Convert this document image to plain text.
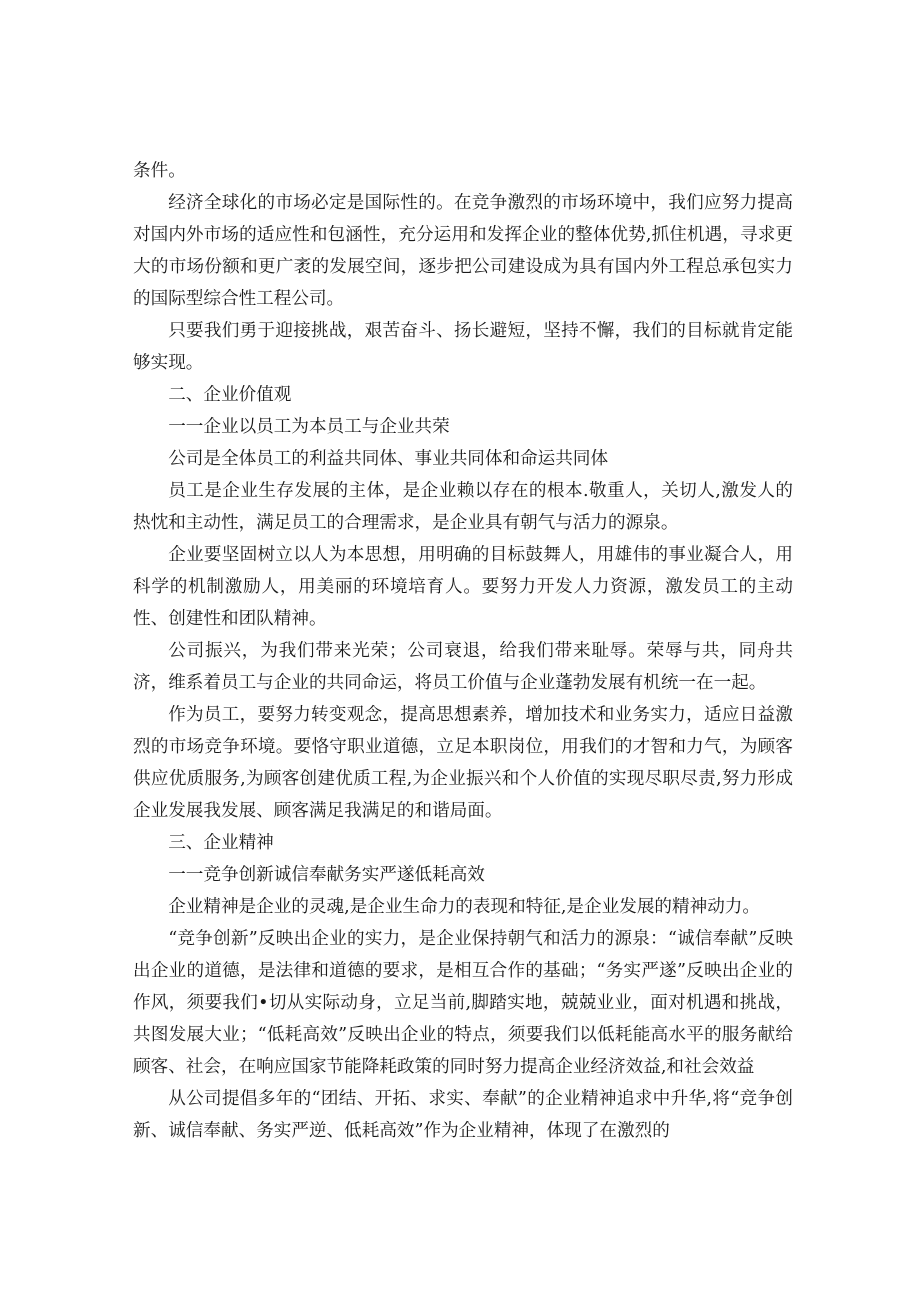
条件。

经济全球化的市场必定是国际性的。在竞争激烈的市场环境中，我们应努力提高对国内外市场的适应性和包涵性，充分运用和发挥企业的整体优势,抓住机遇，寻求更大的市场份额和更广袤的发展空间，逐步把公司建设成为具有国内外工程总承包实力的国际型综合性工程公司。

只要我们勇于迎接挑战，艰苦奋斗、扬长避短，坚持不懈，我们的目标就肯定能够实现。

二、企业价值观

一一企业以员工为本员工与企业共荣

公司是全体员工的利益共同体、事业共同体和命运共同体

员工是企业生存发展的主体，是企业赖以存在的根本.敬重人，关切人,激发人的热忱和主动性，满足员工的合理需求，是企业具有朝气与活力的源泉。

企业要坚固树立以人为本思想，用明确的目标鼓舞人，用雄伟的事业凝合人，用科学的机制激励人，用美丽的环境培育人。要努力开发人力资源，激发员工的主动性、创建性和团队精神。

公司振兴，为我们带来光荣；公司衰退，给我们带来耻辱。荣辱与共，同舟共济，维系着员工与企业的共同命运，将员工价值与企业蓬勃发展有机统一在一起。

作为员工，要努力转变观念，提高思想素养，增加技术和业务实力，适应日益激烈的市场竞争环境。要恪守职业道德，立足本职岗位，用我们的才智和力气，为顾客供应优质服务,为顾客创建优质工程,为企业振兴和个人价值的实现尽职尽责,努力形成企业发展我发展、顾客满足我满足的和谐局面。

三、企业精神

一一竞争创新诚信奉献务实严遂低耗高效

企业精神是企业的灵魂,是企业生命力的表现和特征,是企业发展的精神动力。

“竞争创新”反映出企业的实力，是企业保持朝气和活力的源泉：“诚信奉献”反映出企业的道德，是法律和道德的要求，是相互合作的基础；“务实严遂”反映出企业的作风，须要我们•切从实际动身，立足当前,脚踏实地，兢兢业业，面对机遇和挑战，共图发展大业；“低耗高效”反映出企业的特点，须要我们以低耗能高水平的服务献给顾客、社会，在响应国家节能降耗政策的同时努力提高企业经济效益,和社会效益

从公司提倡多年的“团结、开拓、求实、奉献”的企业精神追求中升华,将“竞争创新、诚信奉献、务实严逆、低耗高效”作为企业精神，体现了在激烈的
